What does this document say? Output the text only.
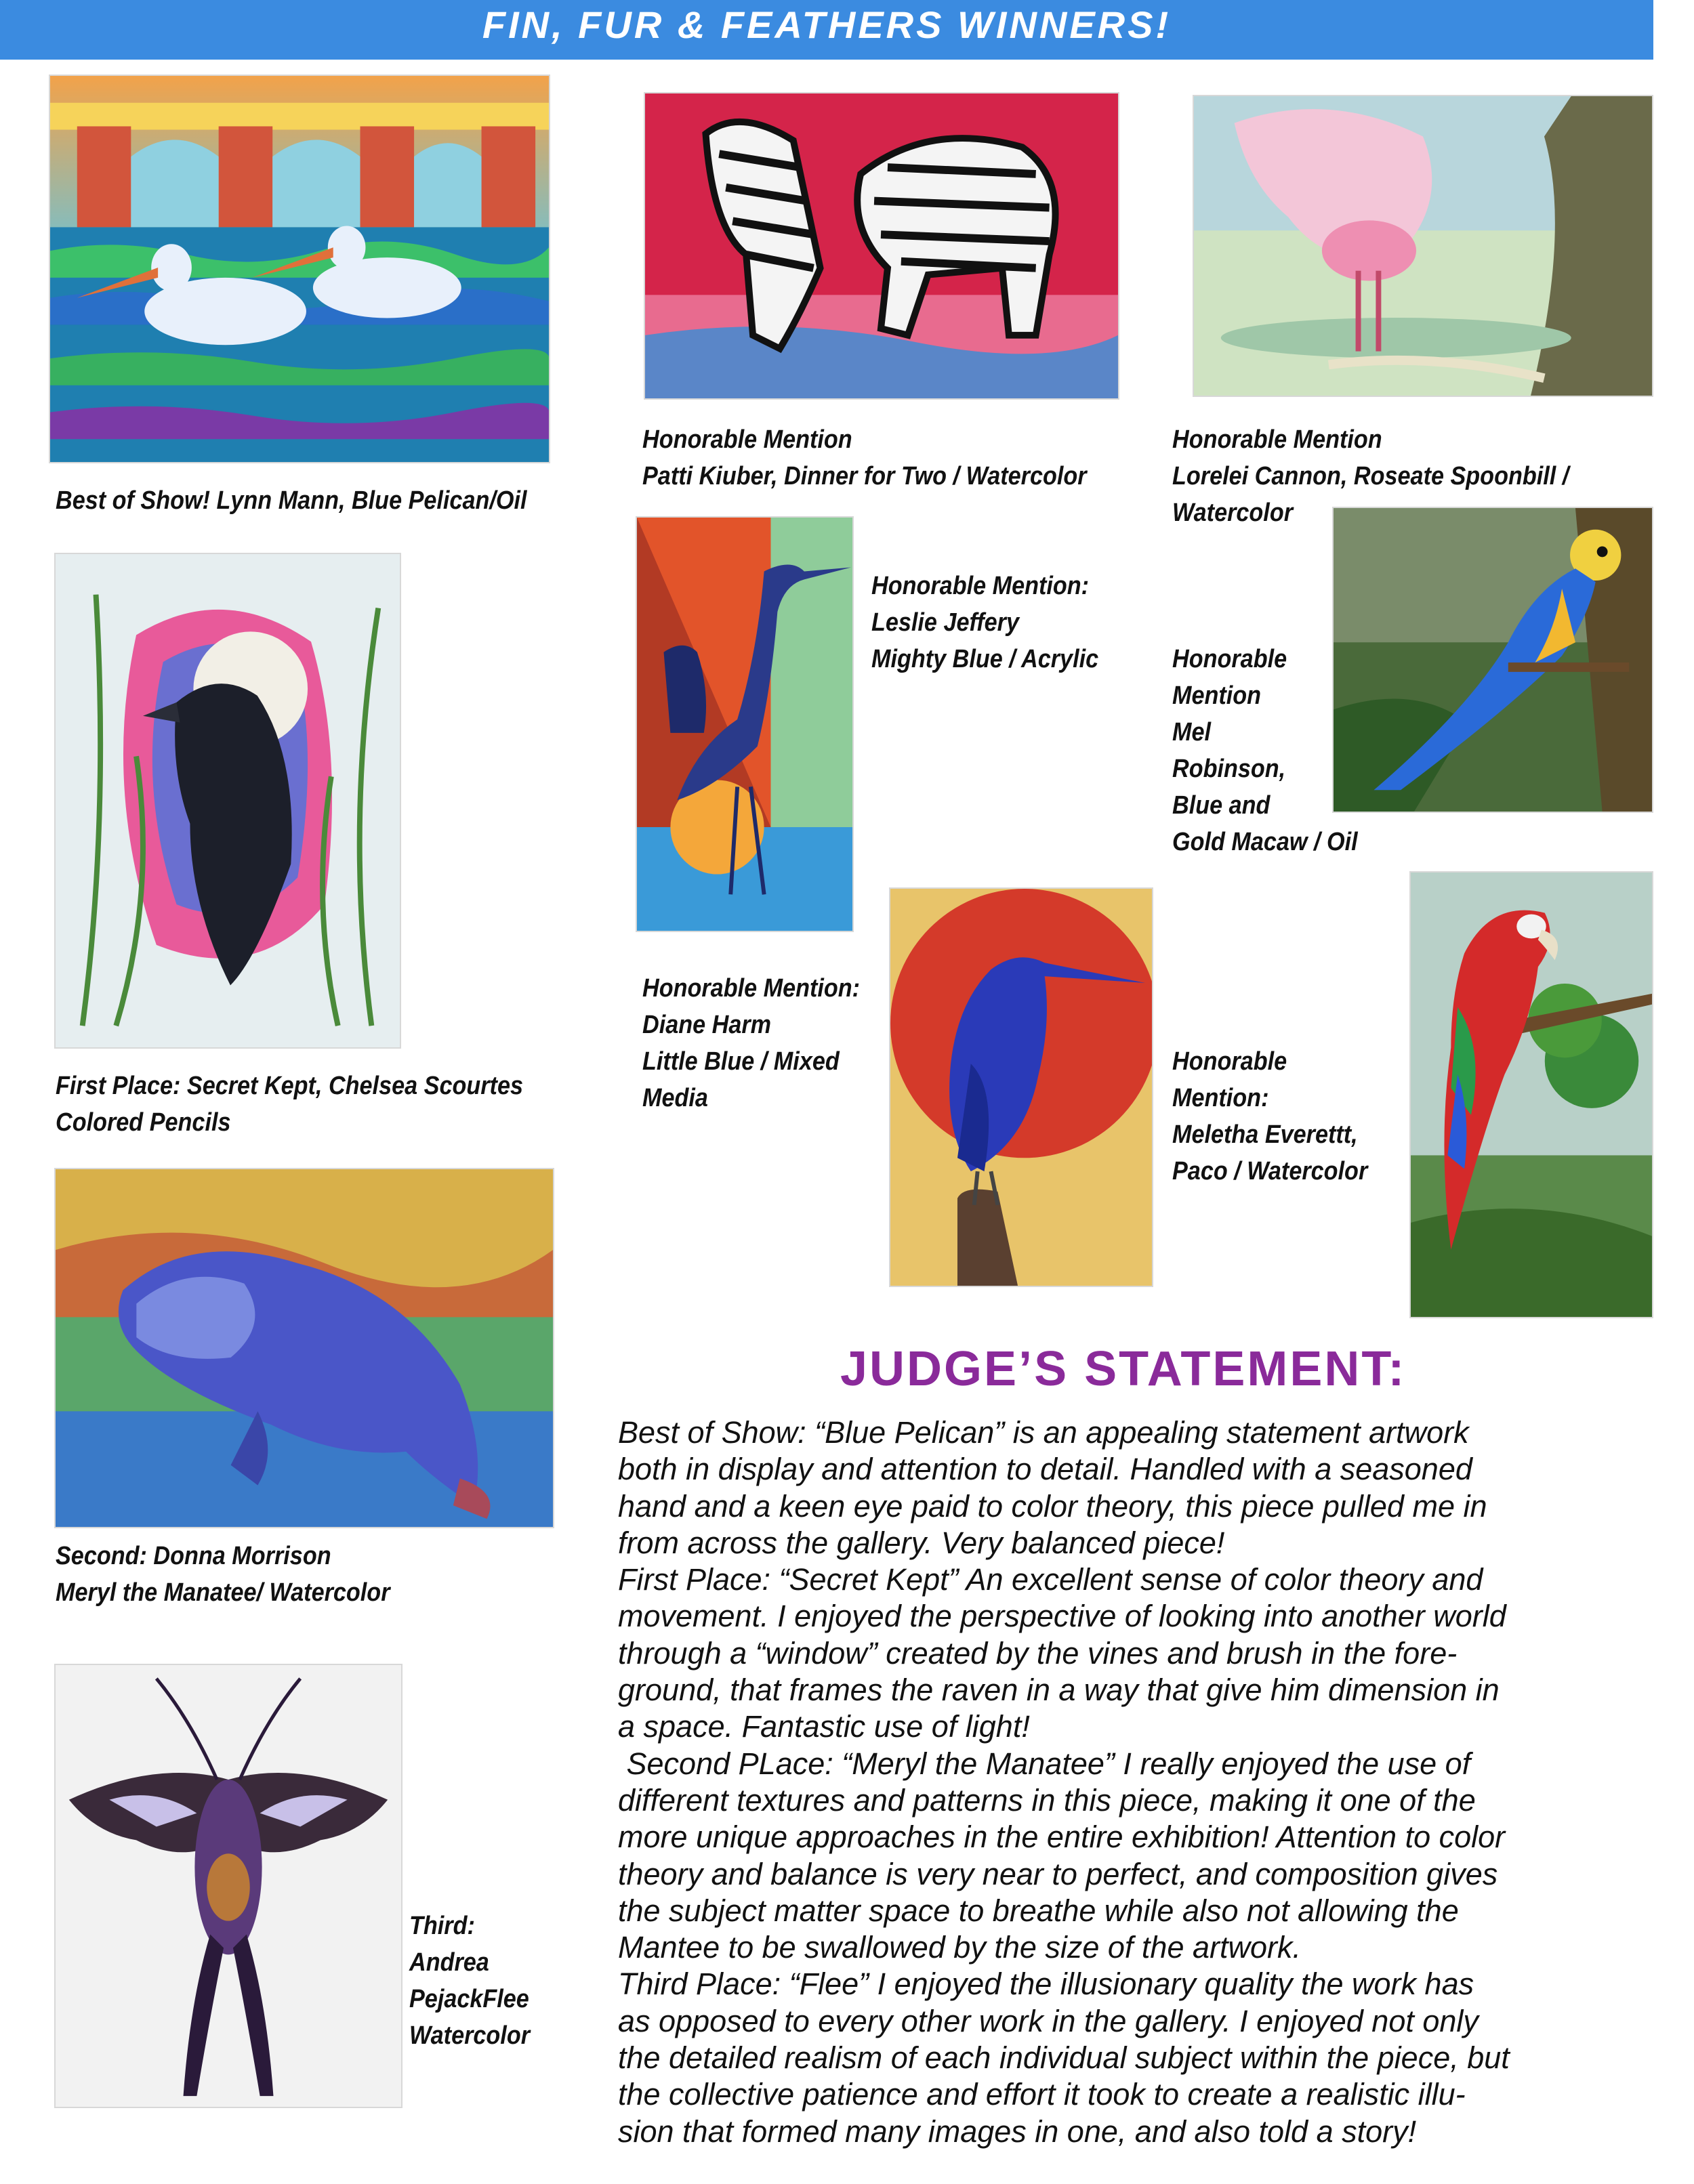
FIN, FUR & FEATHERS WINNERS!
Best of Show! Lynn Mann, Blue Pelican/Oil
Honorable Mention
Patti Kiuber, Dinner for Two / Watercolor
Honorable Mention
Lorelei Cannon, Roseate Spoonbill /
Watercolor
First Place: Secret Kept, Chelsea Scourtes
Colored Pencils
Honorable Mention:
Leslie Jeffery
Mighty Blue / Acrylic	Honorable
Mention
Mel
Robinson,
Blue and
Gold Macaw / Oil
Honorable Mention:
Diane Harm
Little Blue / Mixed
Media
Honorable
Mention:
Meletha Everettt,
Paco / Watercolor
Second: Donna Morrison
Meryl the Manatee/ Watercolor
Third:
Andrea
PejackFlee
Watercolor
JUDGE’S STATEMENT:
Best of Show: “Blue Pelican” is an appealing statement artwork
both in display and attention to detail. Handled with a seasoned
hand and a keen eye paid to color theory, this piece pulled me in
from across the gallery. Very balanced piece!
First Place: “Secret Kept” An excellent sense of color theory and
movement. I enjoyed the perspective of looking into another world
through a “window” created by the vines and brush in the fore-
ground, that frames the raven in a way that give him dimension in
a space. Fantastic use of light!
Second PLace: “Meryl the Manatee” I really enjoyed the use of
different textures and patterns in this piece, making it one of the
more unique approaches in the entire exhibition! Attention to color
theory and balance is very near to perfect, and composition gives
the subject matter space to breathe while also not allowing the
Mantee to be swallowed by the size of the artwork.
Third Place: “Flee” I enjoyed the illusionary quality the work has
as opposed to every other work in the gallery. I enjoyed not only
the detailed realism of each individual subject within the piece, but
the collective patience and effort it took to create a realistic illu-
sion that formed many images in one, and also told a story!
